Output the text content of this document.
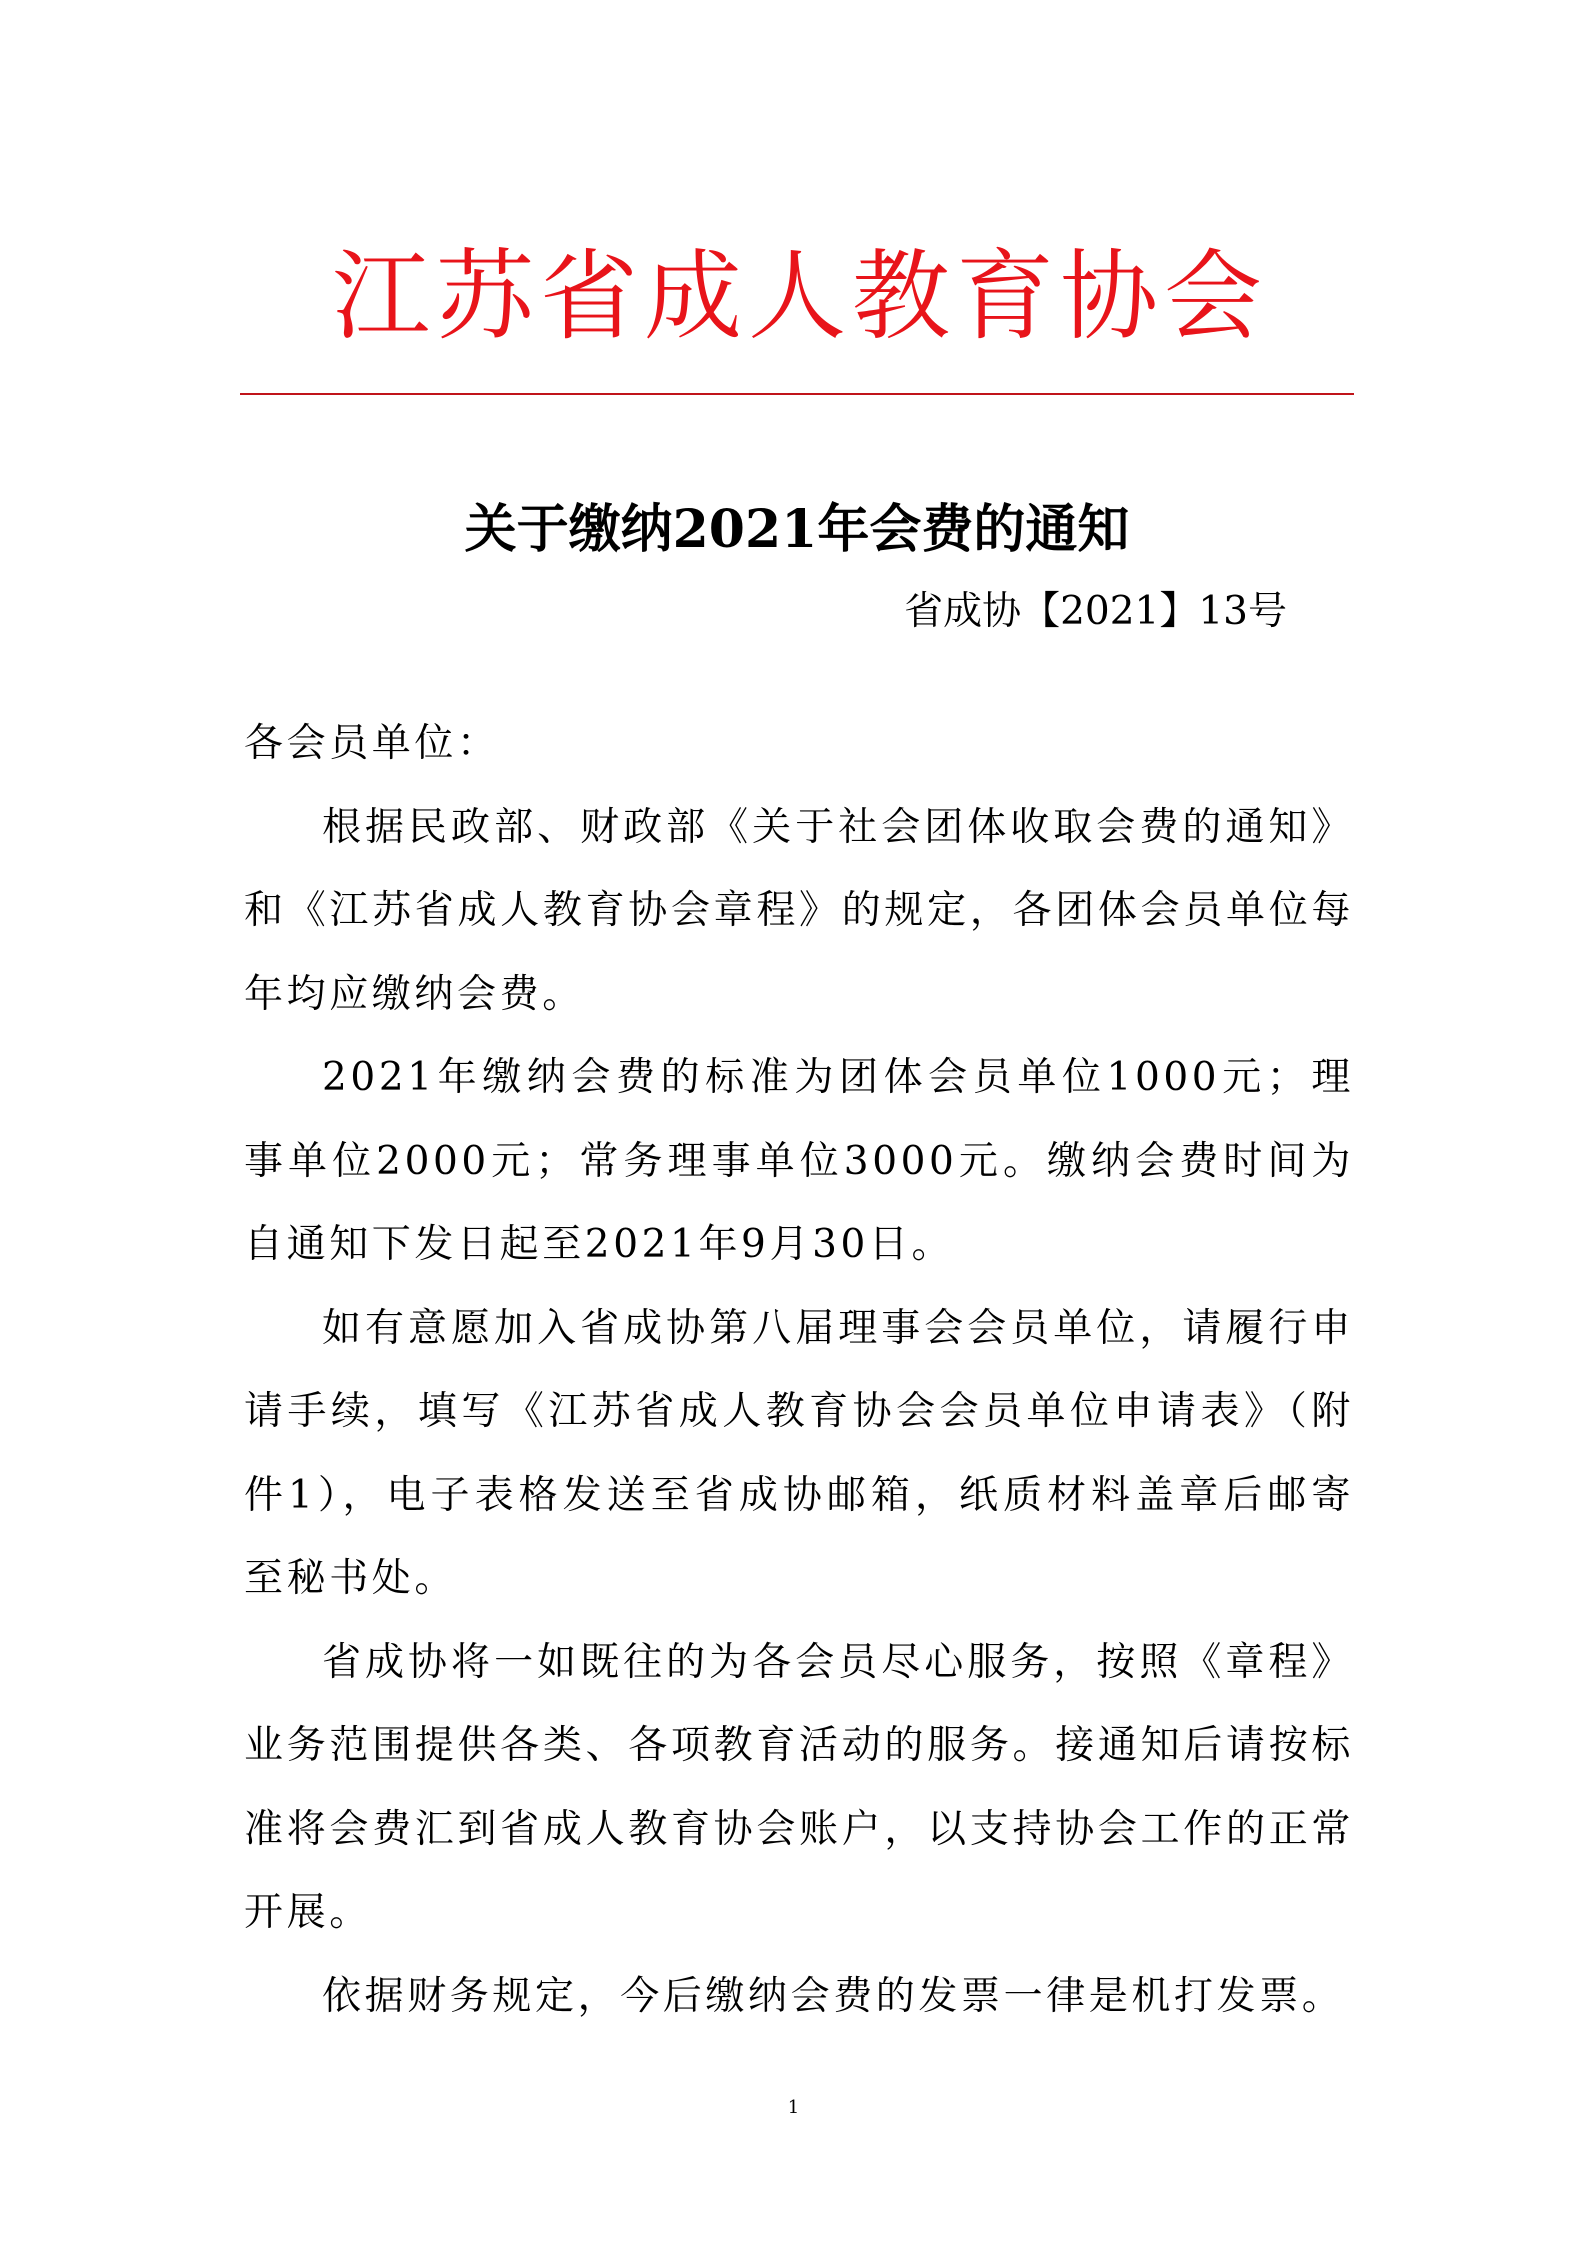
江苏省成人教育协会
关于缴纳2021年会费的通知
省成协【2021】13号

各会员单位：

根据民政部、财政部《关于社会团体收取会费的通知》和《江苏省成人教育协会章程》的规定，各团体会员单位每年均应缴纳会费。

2021年缴纳会费的标准为团体会员单位1000元；理事单位2000元；常务理事单位3000元。缴纳会费时间为自通知下发日起至2021年9月30日。

如有意愿加入省成协第八届理事会会员单位，请履行申请手续，填写《江苏省成人教育协会会员单位申请表》（附件1），电子表格发送至省成协邮箱，纸质材料盖章后邮寄至秘书处。

省成协将一如既往的为各会员尽心服务，按照《章程》业务范围提供各类、各项教育活动的服务。接通知后请按标准将会费汇到省成人教育协会账户，以支持协会工作的正常开展。

依据财务规定，今后缴纳会费的发票一律是机打发票。

1
